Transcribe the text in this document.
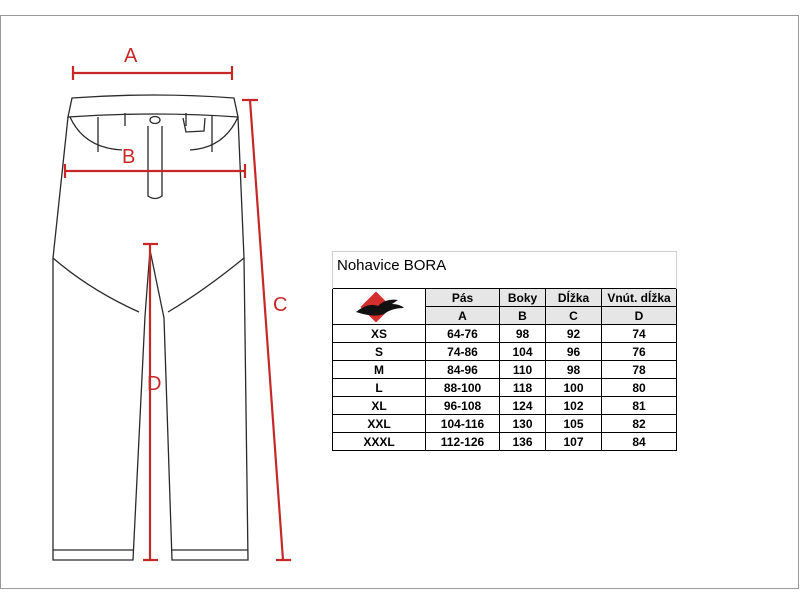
A
B
C
D
Nohavice BORA				

	Pás	Boky	Dĺžka	Vnút. dĺžka
	A	B	C	D
XS	64-76	98	92	74
S	74-86	104	96	76
M	84-96	110	98	78
L	88-100	118	100	80
XL	96-108	124	102	81
XXL	104-116	130	105	82
XXXL	112-126	136	107	84
